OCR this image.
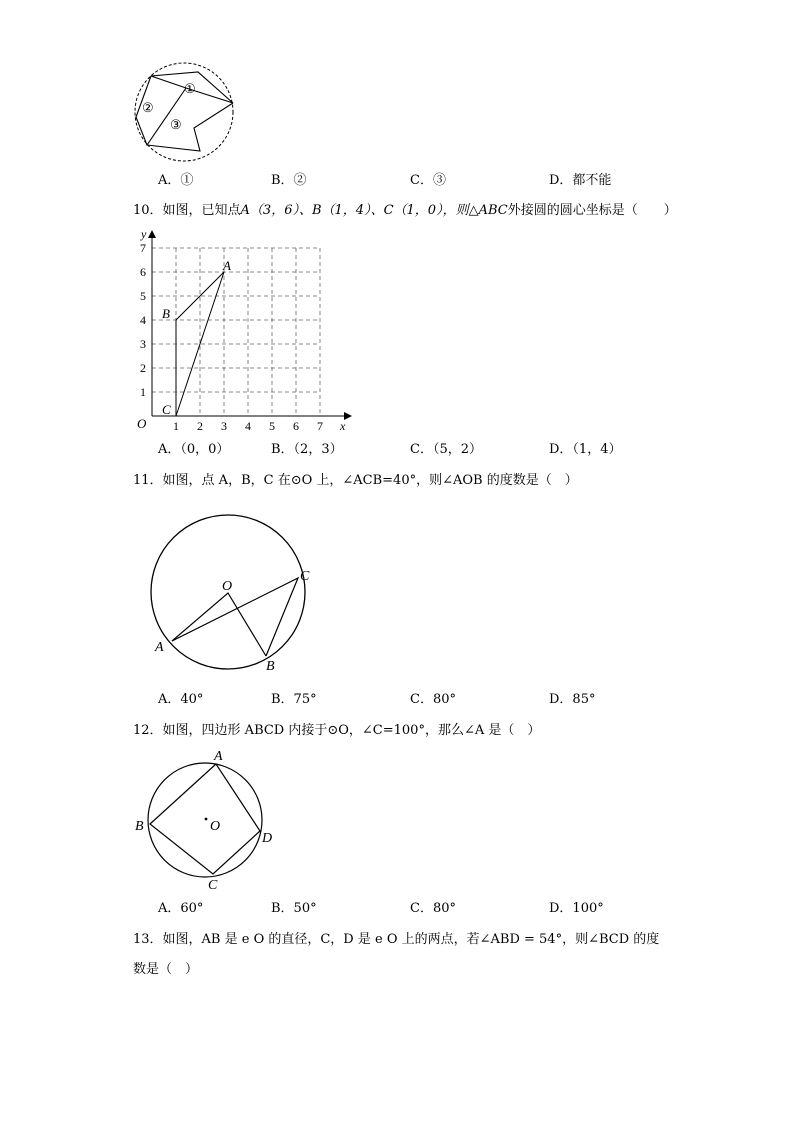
①
②
③
A．①	B．②	C．③	D．都不能
10．如图，已知点A（3，6）、B（1，4）、C（1，0），则△ABC外接圆的圆心坐标是（　　）
1 2 3 4 5 6 7
1
2
3
4
5
6
7
O	x
y
A
B
C
A．（0，0）	B．（2，3）	C．（5，2）	D．（1，4）
11．如图，点 A，B，C 在⊙O 上，∠ACB=40°，则∠AOB 的度数是（　）
O
A
B
C
A．40°	B．75°	C．80°	D．85°
12．如图，四边形 ABCD 内接于⊙O，∠C=100°，那么∠A 是（　）
A
B
C
D
O
A．60°	B．50°	C．80°	D．100°
13．如图，AB 是 e O 的直径，C，D 是 e O 上的两点，若∠ABD = 54°，则∠BCD 的度
数是（　）
